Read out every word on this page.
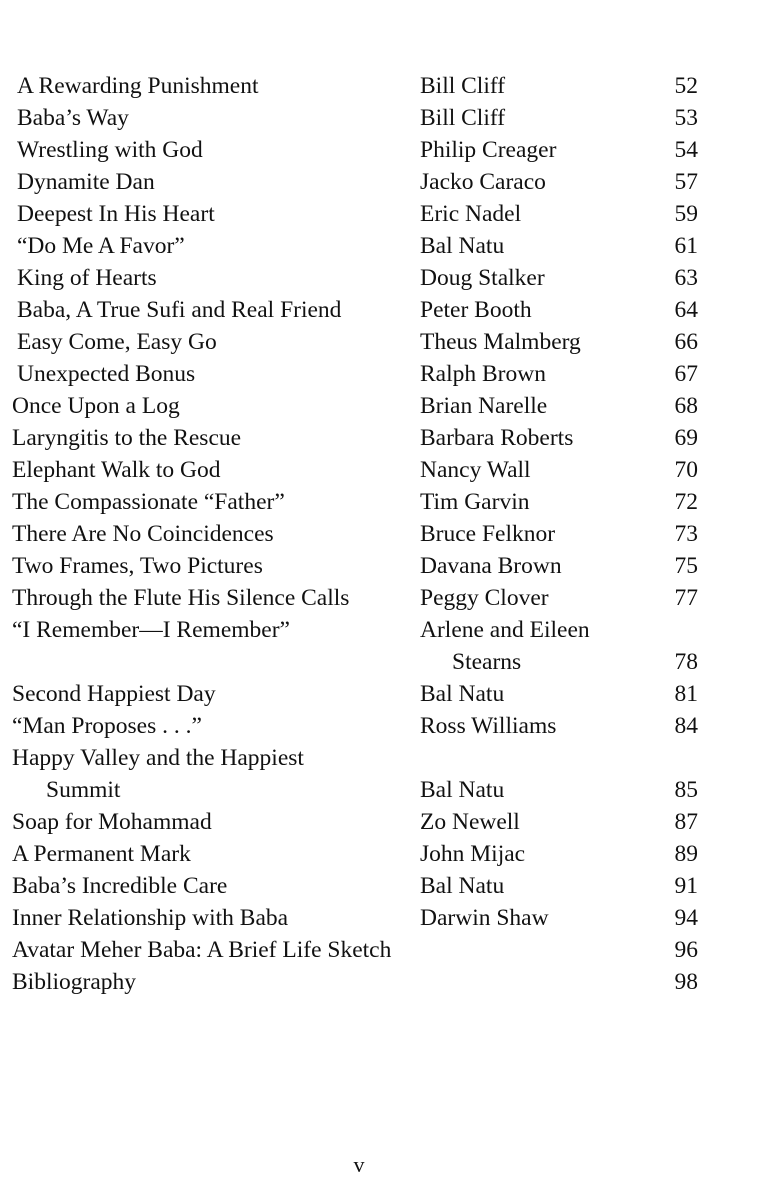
A Rewarding Punishment	Bill Cliff	52
Baba’s Way	Bill Cliff	53
Wrestling with God	Philip Creager	54
Dynamite Dan	Jacko Caraco	57
Deepest In His Heart	Eric Nadel	59
“Do Me A Favor”	Bal Natu	61
King of Hearts	Doug Stalker	63
Baba, A True Sufi and Real Friend	Peter Booth	64
Easy Come, Easy Go	Theus Malmberg	66
Unexpected Bonus	Ralph Brown	67
Once Upon a Log	Brian Narelle	68
Laryngitis to the Rescue	Barbara Roberts	69
Elephant Walk to God	Nancy Wall	70
The Compassionate “Father”	Tim Garvin	72
There Are No Coincidences	Bruce Felknor	73
Two Frames, Two Pictures	Davana Brown	75
Through the Flute His Silence Calls	Peggy Clover	77
“I Remember—I Remember”	Arlene and Eileen
Stearns	78
Second Happiest Day	Bal Natu	81
“Man Proposes . . .”	Ross Williams	84
Happy Valley and the Happiest
Summit	Bal Natu	85
Soap for Mohammad	Zo Newell	87
A Permanent Mark	John Mijac	89
Baba’s Incredible Care	Bal Natu	91
Inner Relationship with Baba	Darwin Shaw	94
Avatar Meher Baba: A Brief Life Sketch	96
Bibliography	98
v
